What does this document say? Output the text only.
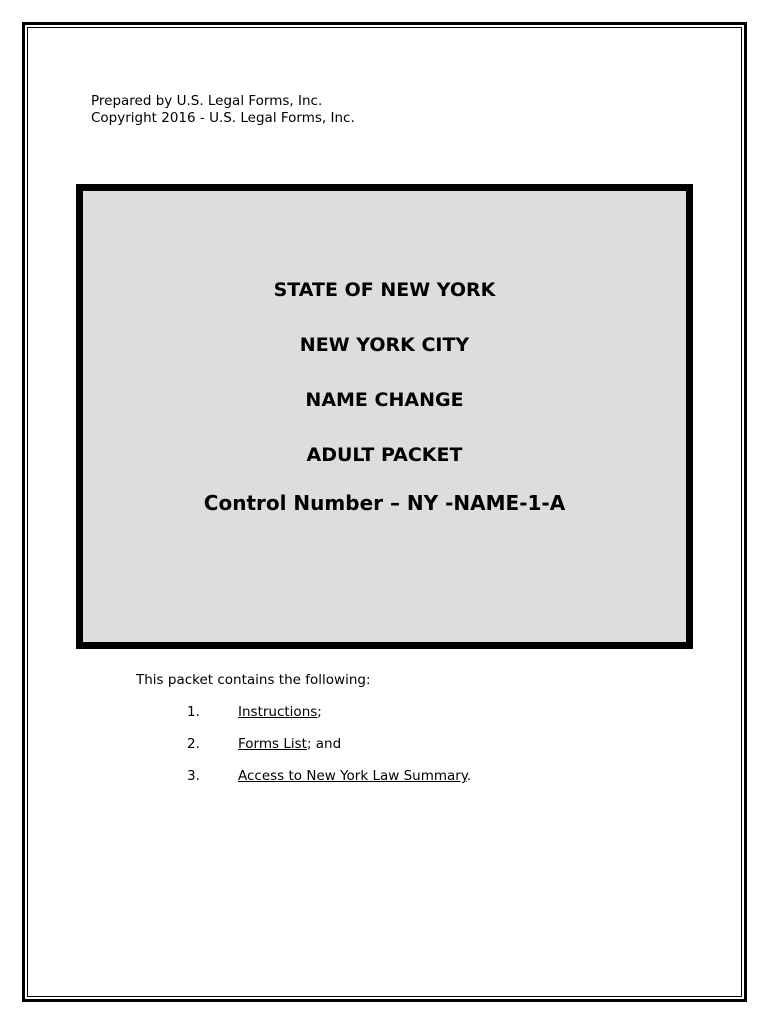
Prepared by U.S. Legal Forms, Inc.
Copyright 2016 - U.S. Legal Forms, Inc.
STATE OF NEW YORK
NEW YORK CITY
NAME CHANGE
ADULT PACKET
Control Number – NY -NAME-1-A
This packet contains the following:
1.	Instructions;
2.	Forms List; and
3.	Access to New York Law Summary.
